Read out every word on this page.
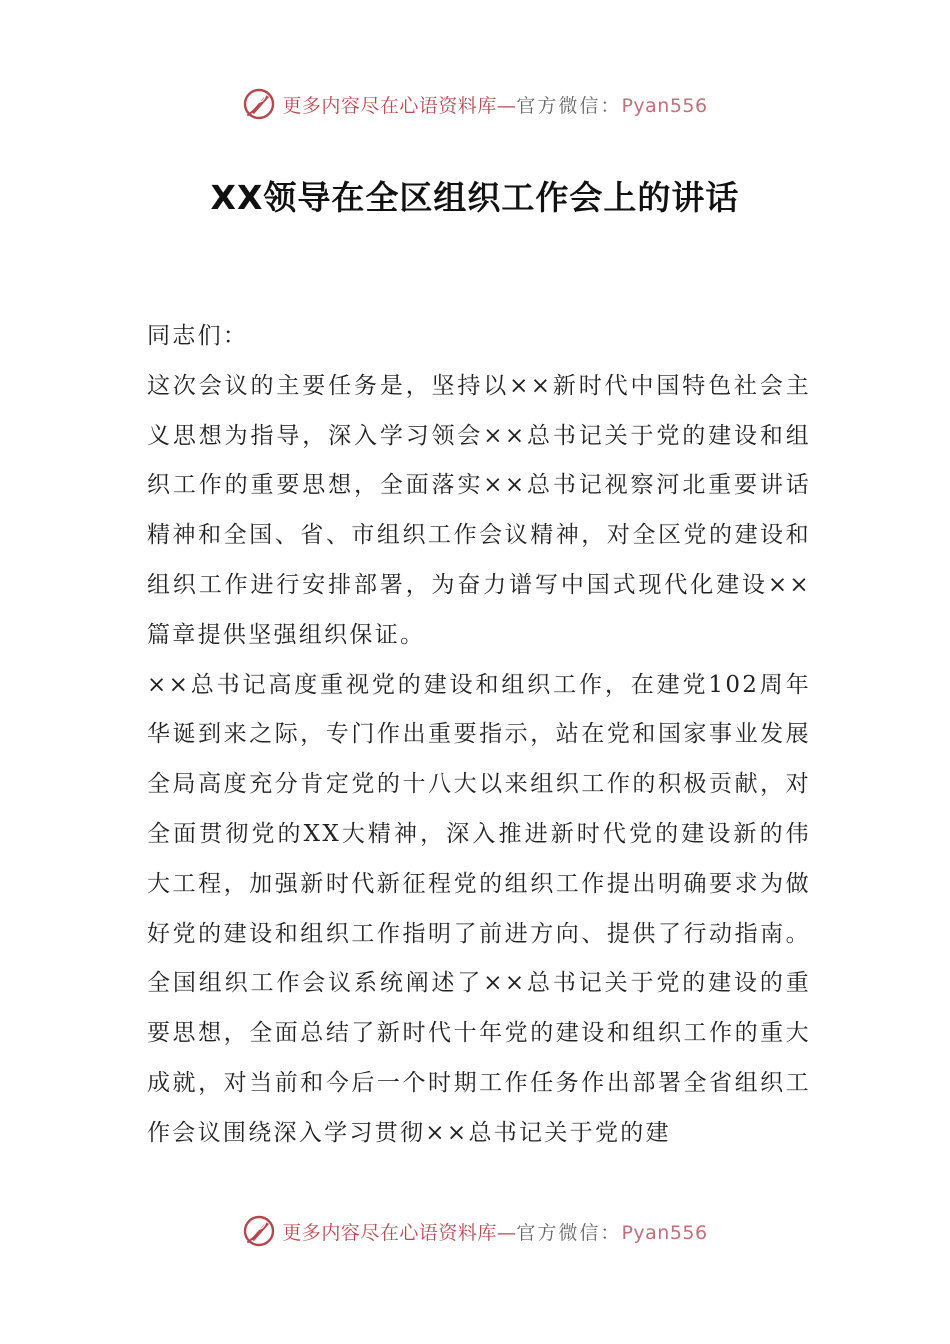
更多内容尽在心语资料库—官方微信：Pyan556
XX领导在全区组织工作会上的讲话

同志们：

这次会议的主要任务是，坚持以××新时代中国特色社会主义思想为指导，深入学习领会××总书记关于党的建设和组织工作的重要思想，全面落实××总书记视察河北重要讲话精神和全国、省、市组织工作会议精神，对全区党的建设和组织工作进行安排部署，为奋力谱写中国式现代化建设××篇章提供坚强组织保证。

××总书记高度重视党的建设和组织工作，在建党102周年华诞到来之际，专门作出重要指示，站在党和国家事业发展全局高度充分肯定党的十八大以来组织工作的积极贡献，对全面贯彻党的XX大精神，深入推进新时代党的建设新的伟大工程，加强新时代新征程党的组织工作提出明确要求为做好党的建设和组织工作指明了前进方向、提供了行动指南。全国组织工作会议系统阐述了××总书记关于党的建设的重要思想，全面总结了新时代十年党的建设和组织工作的重大成就，对当前和今后一个时期工作任务作出部署全省组织工作会议围绕深入学习贯彻××总书记关于党的建

更多内容尽在心语资料库—官方微信：Pyan556
